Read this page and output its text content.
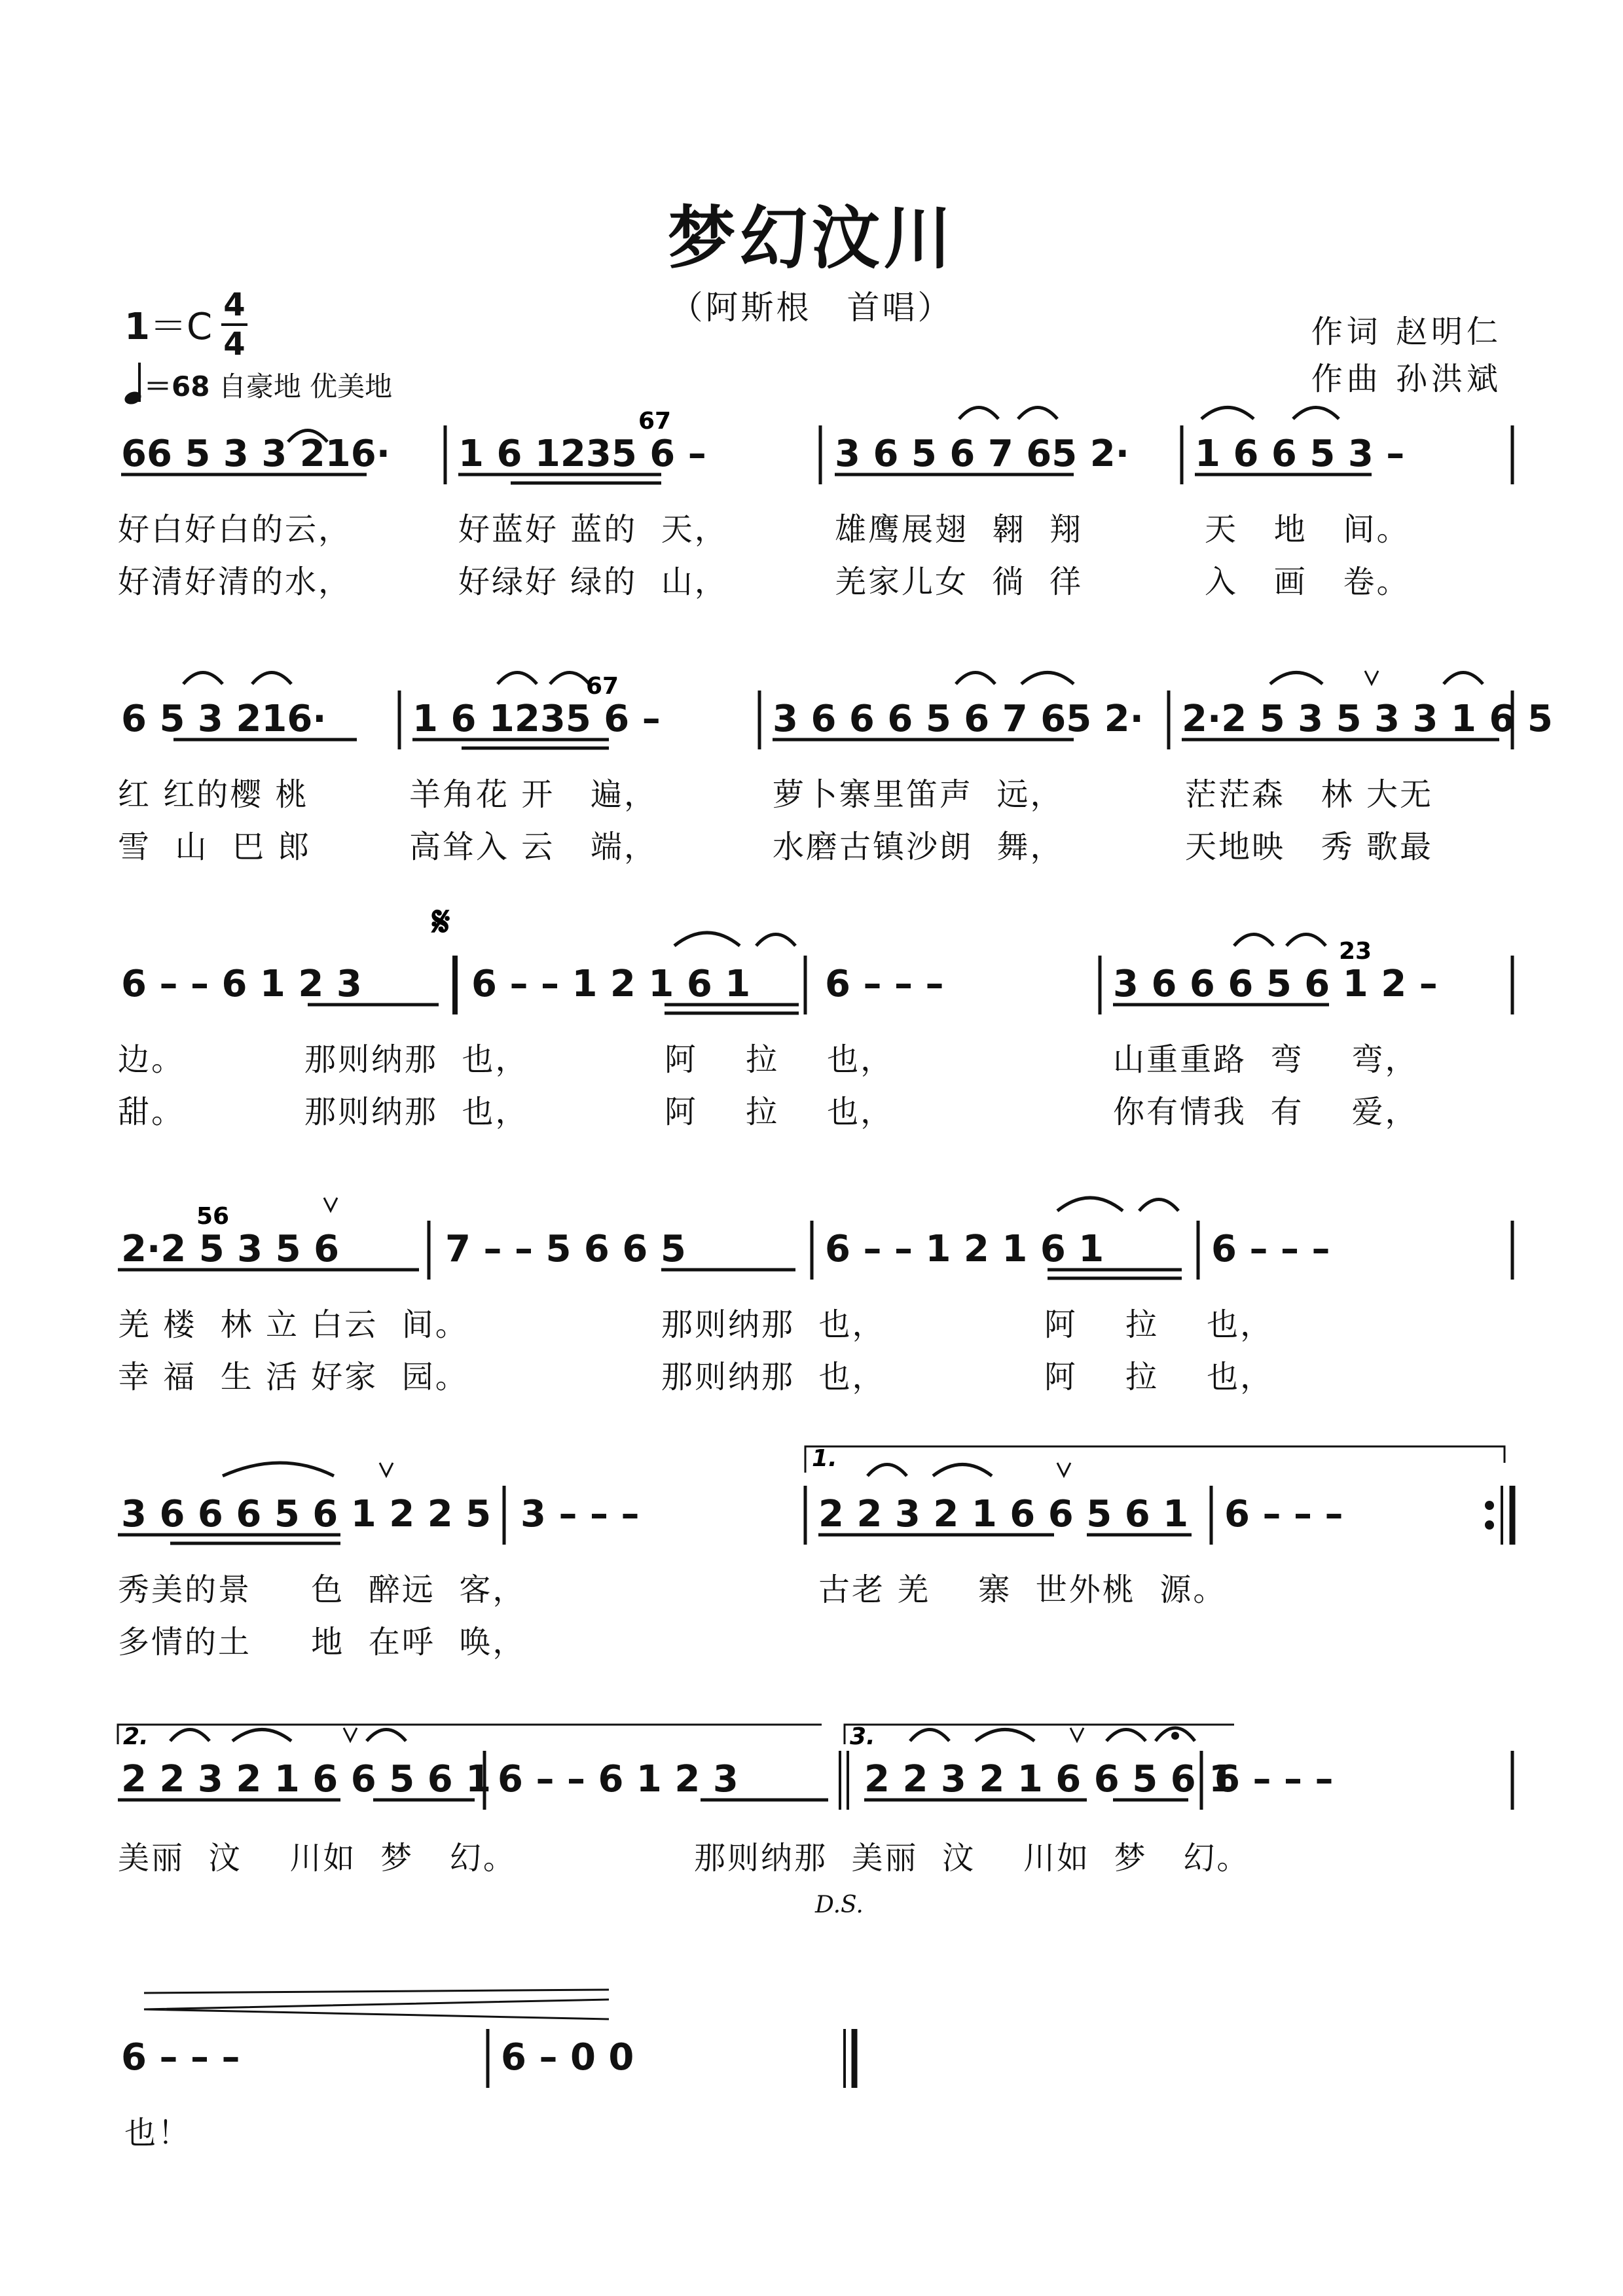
梦幻汶川
（阿斯根　首唱）
1＝C
4
4
＝68 自豪地 优美地
作词 赵明仁
作曲 孙洪斌
𝄋
1.
2.	3.
67
67
23
56
66 5 3 3 216· 1 6 1235 6 –	3 6 5 6 7 65 2· 1 6 6 5 3 –
6 5 3 216· 1 6 1235 6 –	3 6 6 6 5 6 7 65 2· 2·2 5 3 5 3 3 1 6 5
6 – – 6 1 2 3	6 – – 1 2 1 6 1 6 – – –	3 6 6 6 5 6 1 2 –
2·2 5 3 5 6	7 – – 5 6 6 5	6 – – 1 2 1 6 1	6 – – –
3 6 6 6 5 6 1 2 2 5 3 – – –	2 2 3 2 1 6 6 5 6 1 6 – – –
2 2 3 2 1 6 6 5 6 1 6 – – 6 1 2 3	2 2 3 2 1 6 6 5 6 1
6 – – –
6 – – –	6 – 0 0
好白好白的云，	好蓝好 蓝的  天，	雄鹰展翅  翱  翔	天   地   间。
好清好清的水，	好绿好 绿的  山，	羌家儿女  徜  徉	入   画   卷。
红 红的樱 桃	羊角花 开   遍，	萝卜寨里笛声  远，	茫茫森   林 大无
雪  山  巴 郎	高耸入 云   端，	水磨古镇沙朗  舞，	天地映   秀 歌最
边。	那则纳那  也，	阿    拉    也，	山重重路  弯    弯，
甜。	那则纳那  也，	阿    拉    也，	你有情我  有    爱，
羌 楼  林 立 白云  间。	那则纳那  也，	阿    拉    也，
幸 福  生 活 好家  园。	那则纳那  也，	阿    拉    也，
秀美的景     色  醉远  客，	古老 羌    寨  世外桃  源。
多情的土     地  在呼  唤，
美丽  汶    川如  梦   幻。	那则纳那  美丽  汶    川如  梦   幻。
也！
D.S.
